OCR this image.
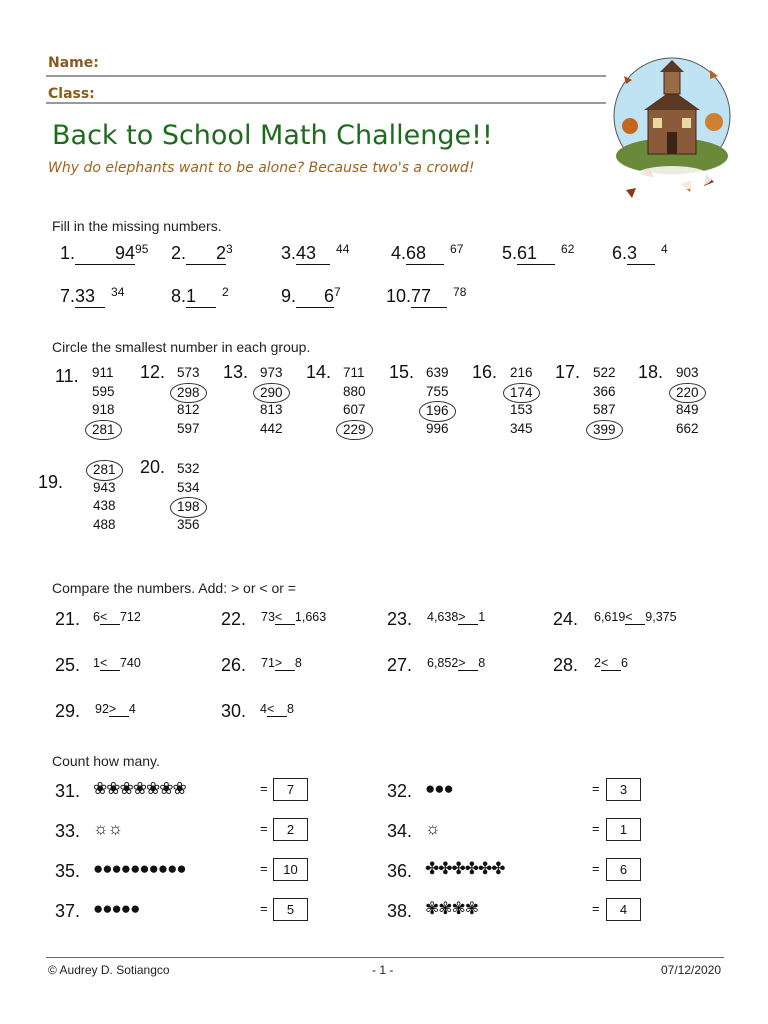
Name:
Class:
Back to School Math Challenge!!
Why do elephants want to be alone? Because two's a crowd!
Fill in the missing numbers.
1. $94^{95}$ 2. $2^3$	3.43 $^{44}$ 4.68 $^{67}$ 5.61 $^{62}$ 6.3 $^4$
7.33 $^{34}$	8.1 $^2$	9. $6^7$	10.77 $^{78}$
Circle the smallest number in each group.
11. 911
595
918
281
12. 573
298
812
597
13. 973
290
813
442
14. 711
880
607
229
15. 639
755
196
996
16. 216
174
153
345
17. 522
366
587
399
18. 903
220
849
662
19.
281
943
438
488
20. 532
534
198
356
Compare the numbers. Add: > or < or =
21. 6< 712	22. 73< 1,663	23. 4,638> 1	24. 6,619< 9,375
25. 1< 740	26. 71> 8	27. 6,852> 8	28. 2< 6
29. 92> 4	30. 4< 8
Count how many.
31. ❀❀❀❀❀❀❀	=	7	32. ●●●	=	3
33. ☼☼	=	2	34. ☼	=	1
35. ●●●●●●●●●●	=	10	36. ✤✤✤✤✤✤	=	6
37. ●●●●●	=	5	38. ✾✾✾✾	=	4
© Audrey D. Sotiangco	- 1 -	07/12/2020
